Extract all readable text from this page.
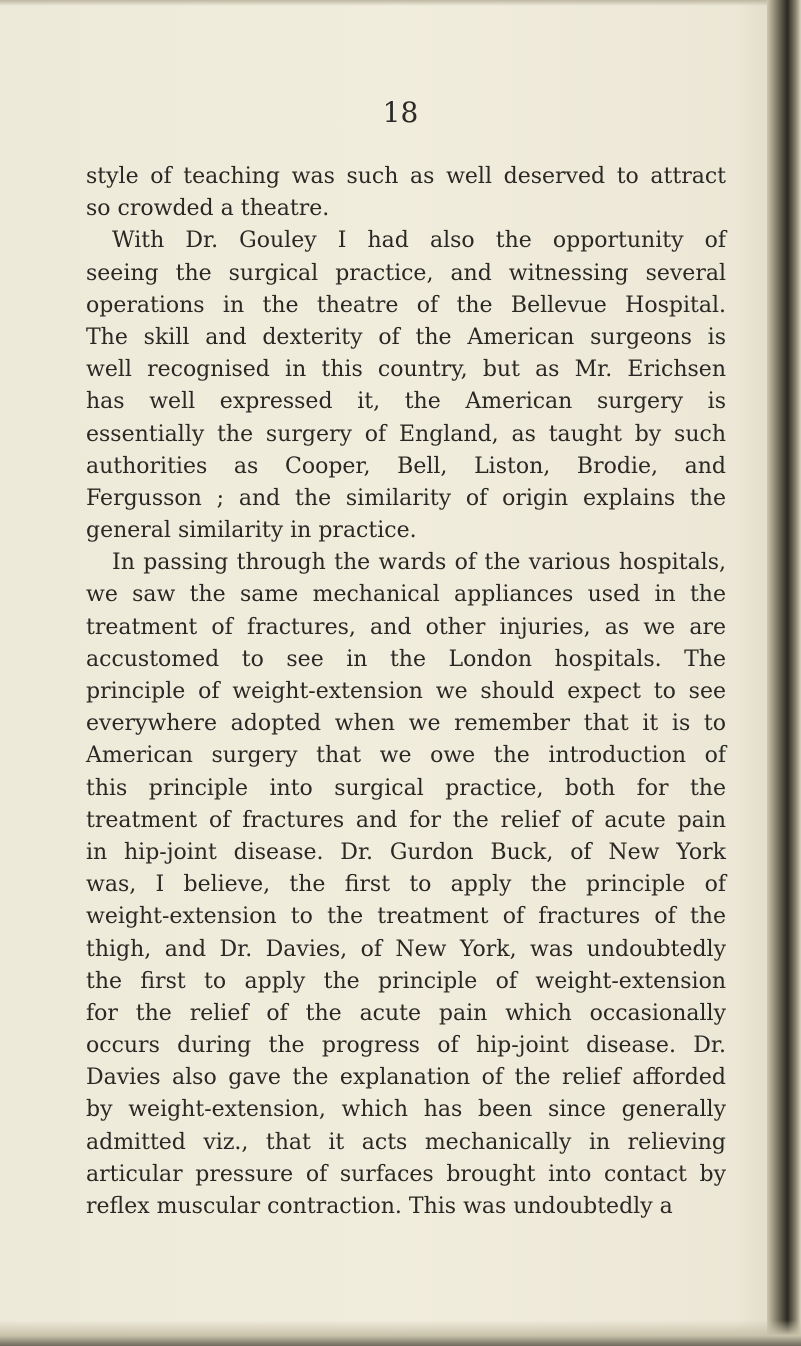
18
style of teaching was such as well deserved to attract
so crowded a theatre.
With Dr. Gouley I had also the opportunity of
seeing the surgical practice, and witnessing several
operations in the theatre of the Bellevue Hospital.
The skill and dexterity of the American surgeons is
well recognised in this country, but as Mr. Erichsen
has well expressed it, the American surgery is
essentially the surgery of England, as taught by such
authorities as Cooper, Bell, Liston, Brodie, and
Fergusson ; and the similarity of origin explains the
general similarity in practice.
In passing through the wards of the various hospitals,
we saw the same mechanical appliances used in the
treatment of fractures, and other injuries, as we are
accustomed to see in the London hospitals. The
principle of weight-extension we should expect to see
everywhere adopted when we remember that it is to
American surgery that we owe the introduction of
this principle into surgical practice, both for the
treatment of fractures and for the relief of acute pain
in hip-joint disease. Dr. Gurdon Buck, of New York
was, I believe, the first to apply the principle of
weight-extension to the treatment of fractures of the
thigh, and Dr. Davies, of New York, was undoubtedly
the first to apply the principle of weight-extension
for the relief of the acute pain which occasionally
occurs during the progress of hip-joint disease. Dr.
Davies also gave the explanation of the relief afforded
by weight-extension, which has been since generally
admitted viz., that it acts mechanically in relieving
articular pressure of surfaces brought into contact by
reflex muscular contraction. This was undoubtedly a
